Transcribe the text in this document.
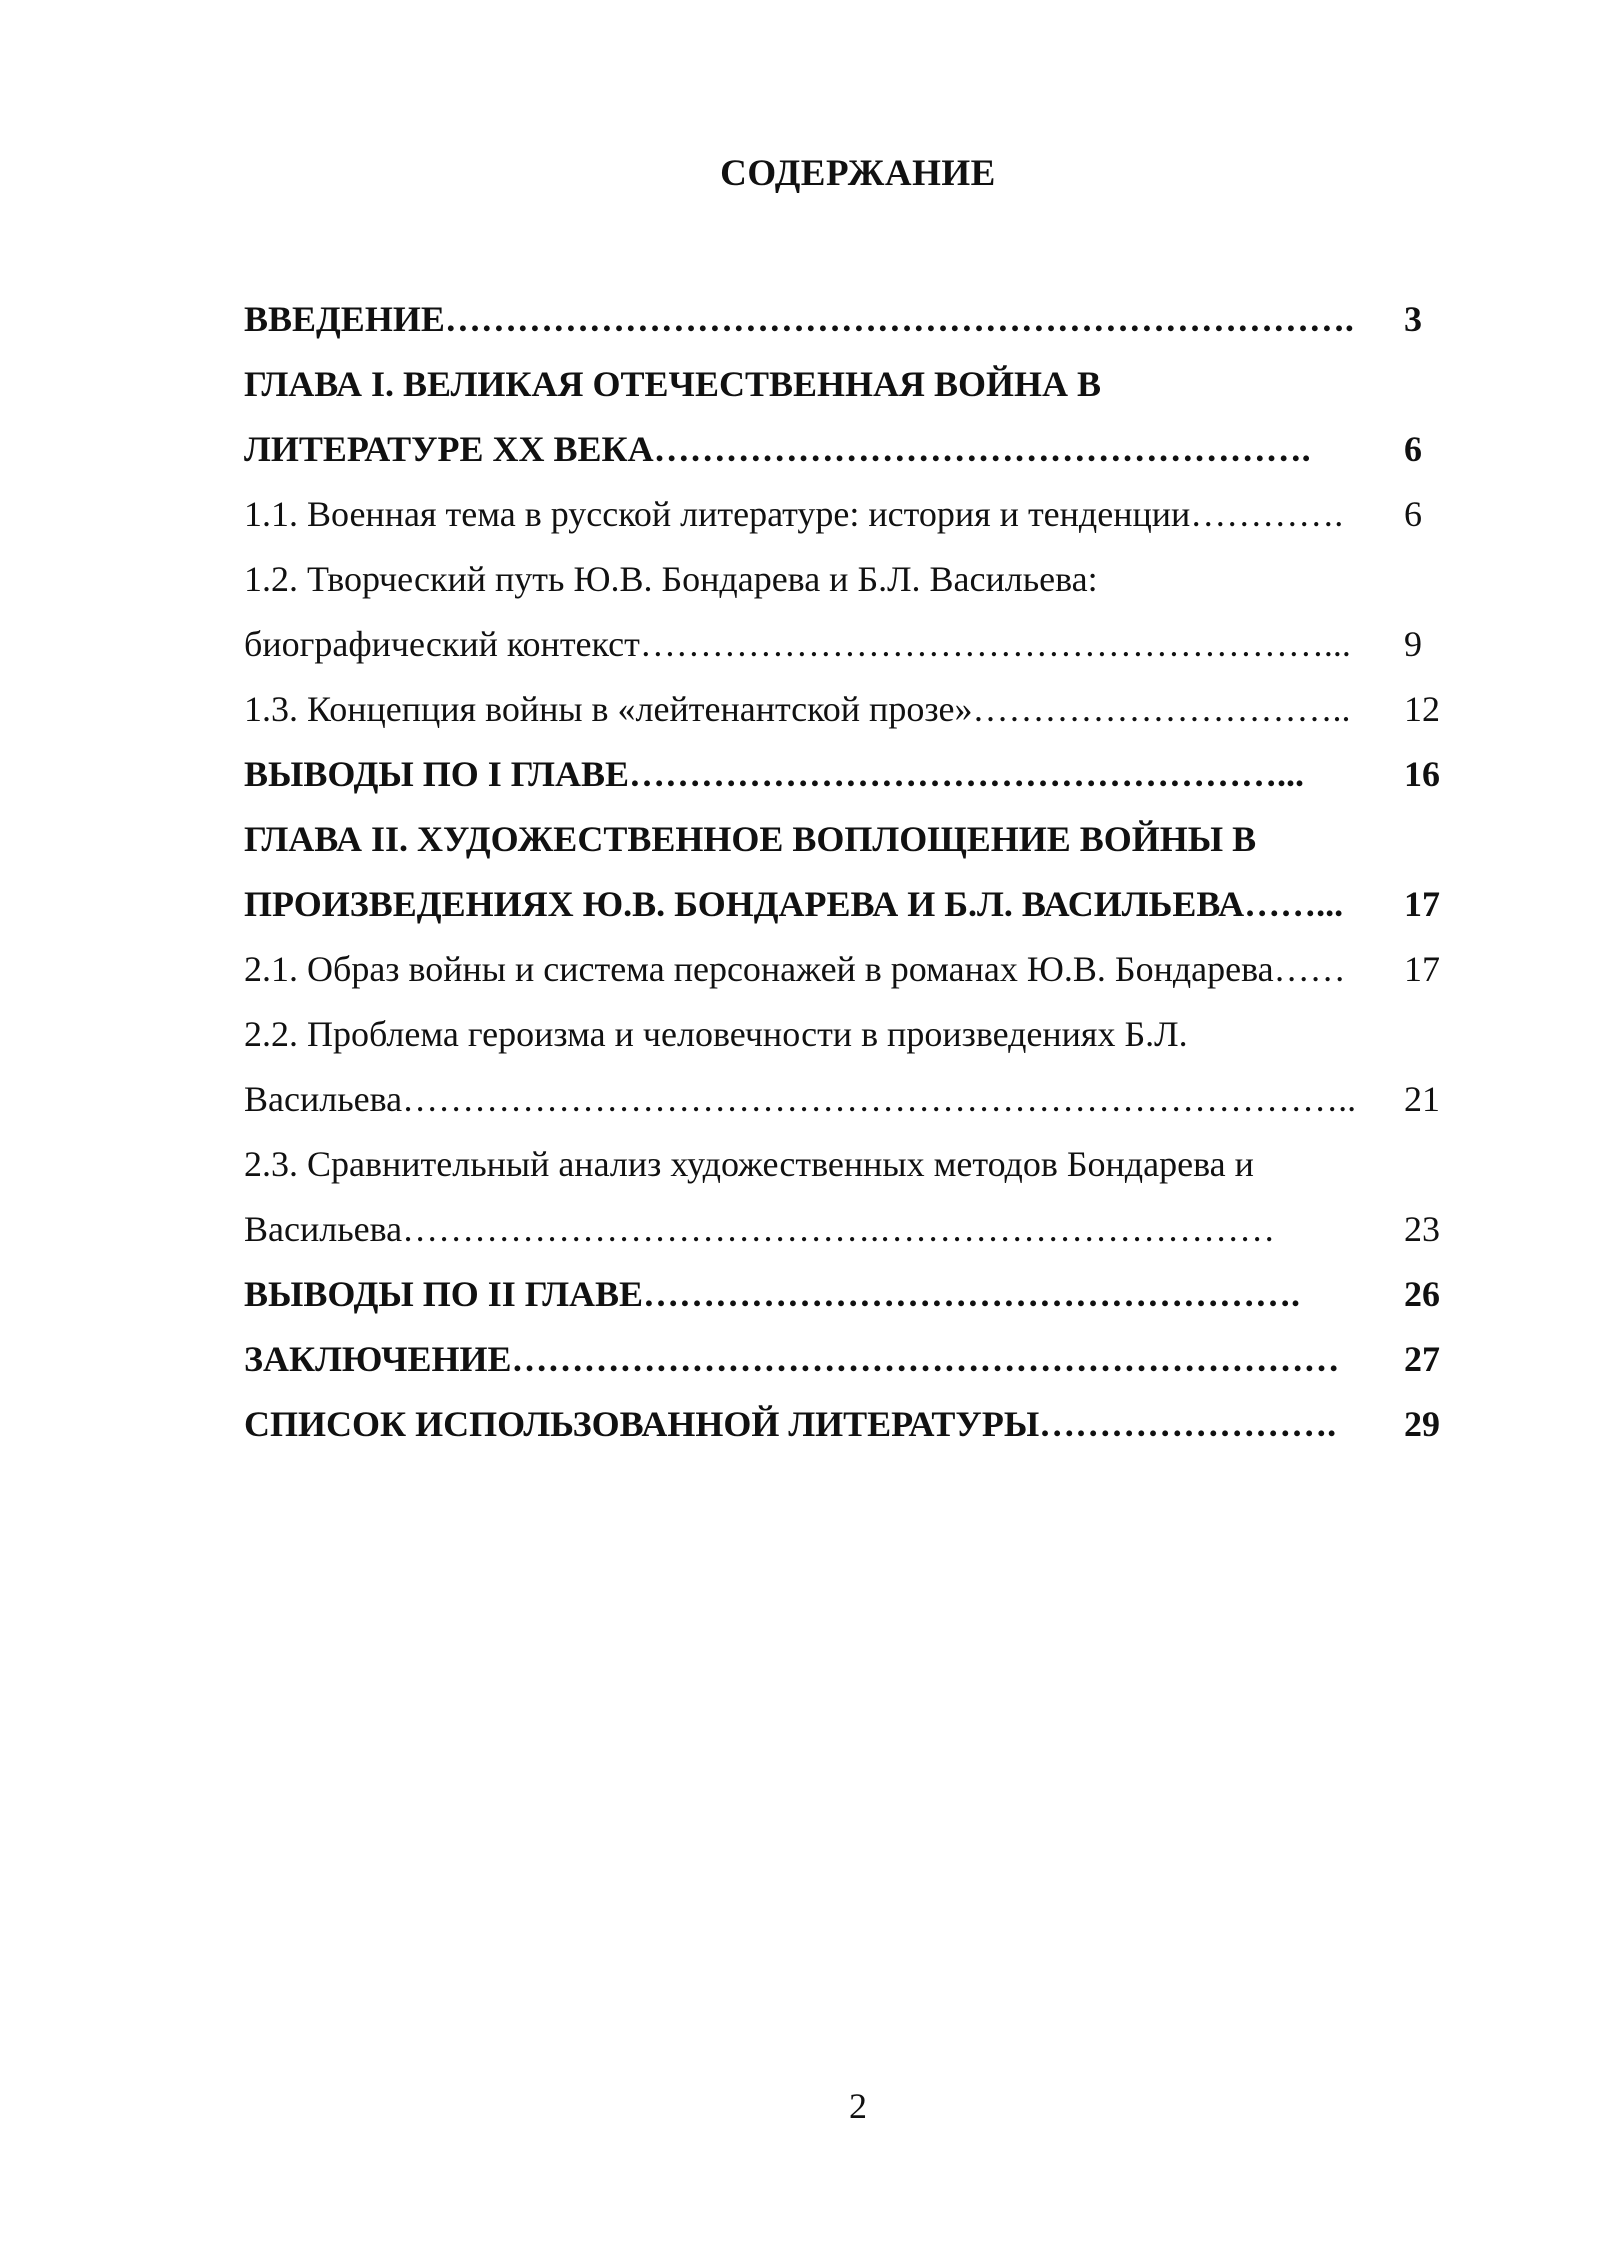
СОДЕРЖАНИЕ
ВВЕДЕНИЕ…………………………………………………………………. 3
ГЛАВА I. ВЕЛИКАЯ ОТЕЧЕСТВЕННАЯ ВОЙНА В
ЛИТЕРАТУРЕ XX ВЕКА……………………………………………….	6
1.1. Военная тема в русской литературе: история и тенденции…………. 6
1.2. Творческий путь Ю.В. Бондарева и Б.Л. Васильева:
биографический контекст…………………………………………………... 9
1.3. Концепция войны в «лейтенантской прозе»………………………….. 12
ВЫВОДЫ ПО I ГЛАВЕ………………………………………………...	16
ГЛАВА II. ХУДОЖЕСТВЕННОЕ ВОПЛОЩЕНИЕ ВОЙНЫ В
ПРОИЗВЕДЕНИЯХ Ю.В. БОНДАРЕВА И Б.Л. ВАСИЛЬЕВА……... 17
2.1. Образ войны и система персонажей в романах Ю.В. Бондарева…… 17
2.2. Проблема героизма и человечности в произведениях Б.Л.
Васильева…………………………………………………………………….. 21
2.3. Сравнительный анализ художественных методов Бондарева и
Васильева………………………………….……………………………	23
ВЫВОДЫ ПО II ГЛАВЕ……………………………………………….	26
ЗАКЛЮЧЕНИЕ…………………………………………………………… 27
СПИСОК ИСПОЛЬЗОВАННОЙ ЛИТЕРАТУРЫ……………………. 29
2
